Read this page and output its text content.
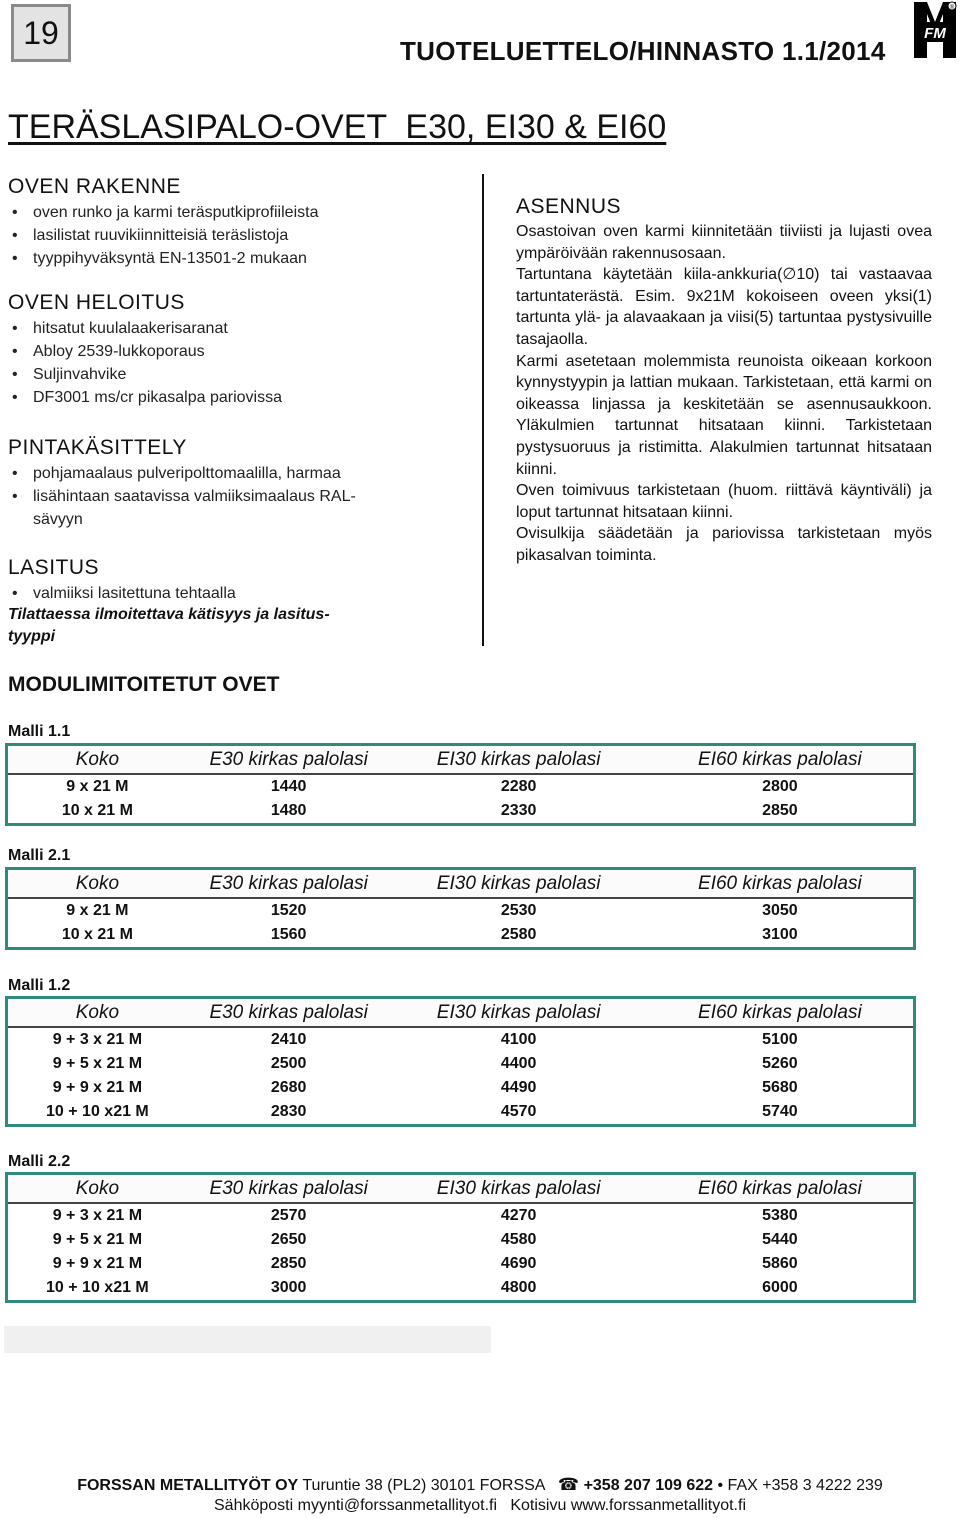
19
TUOTELUETTELO/HINNASTO 1.1/2014
FM
®
TERÄSLASIPALO-OVET  E30, EI30 & EI60
OVEN RAKENNE
• oven runko ja karmi teräsputkiprofiileista
• lasilistat ruuvikiinnitteisiä teräslistoja
• tyyppihyväksyntä EN-13501-2 mukaan
OVEN HELOITUS
• hitsatut kuulalaakerisaranat
• Abloy 2539-lukkoporaus
• Suljinvahvike
• DF3001 ms/cr pikasalpa pariovissa
PINTAKÄSITTELY
• pohjamaalaus pulveripolttomaalilla, harmaa
• lisähintaan saatavissa valmiiksimaalaus RAL-
sävyyn
LASITUS
• valmiiksi lasitettuna tehtaalla
Tilattaessa ilmoitettava kätisyys ja lasitus-
tyyppi
ASENNUS

Osastoivan oven karmi kiinnitetään tiiviisti ja lujasti ovea ympäröivään rakennusosaan.

Tartuntana käytetään kiila-ankkuria(∅10) tai vastaavaa tartuntaterästä. Esim. 9x21M kokoiseen oveen yksi(1) tartunta ylä- ja alavaakaan ja viisi(5) tartuntaa pystysivuille tasajaolla.

Karmi asetetaan molemmista reunoista oikeaan korkoon kynnystyypin ja lattian mukaan. Tarkistetaan, että karmi on oikeassa linjassa ja keskitetään se asennusaukkoon. Yläkulmien tartunnat hitsataan kiinni. Tarkistetaan pystysuoruus ja ristimitta. Alakulmien tartunnat hitsataan kiinni.

Oven toimivuus tarkistetaan (huom. riittävä käyntiväli) ja loput tartunnat hitsataan kiinni.

Ovisulkija säädetään ja pariovissa tarkistetaan myös pikasalvan toiminta.

MODULIMITOITETUT OVET
Malli 1.1
Koko	E30 kirkas palolasi	EI30 kirkas palolasi	EI60 kirkas palolasi
9 x 21 M	1440	2280	2800
10 x 21 M	1480	2330	2850
Malli 2.1
Koko	E30 kirkas palolasi	EI30 kirkas palolasi	EI60 kirkas palolasi
9 x 21 M	1520	2530	3050
10 x 21 M	1560	2580	3100
Malli 1.2
Koko	E30 kirkas palolasi	EI30 kirkas palolasi	EI60 kirkas palolasi
9 + 3 x 21 M	2410	4100	5100
9 + 5 x 21 M	2500	4400	5260
9 + 9 x 21 M	2680	4490	5680
10 + 10 x21 M	2830	4570	5740
Malli 2.2
Koko	E30 kirkas palolasi	EI30 kirkas palolasi	EI60 kirkas palolasi
9 + 3 x 21 M	2570	4270	5380
9 + 5 x 21 M	2650	4580	5440
9 + 9 x 21 M	2850	4690	5860
10 + 10 x21 M	3000	4800	6000
FORSSAN METALLITYÖT OY Turuntie 38 (PL2) 30101 FORSSA ☎ +358 207 109 622 • FAX +358 3 4222 239
Sähköposti myynti@forssanmetallityot.fi Kotisivu www.forssanmetallityot.fi
